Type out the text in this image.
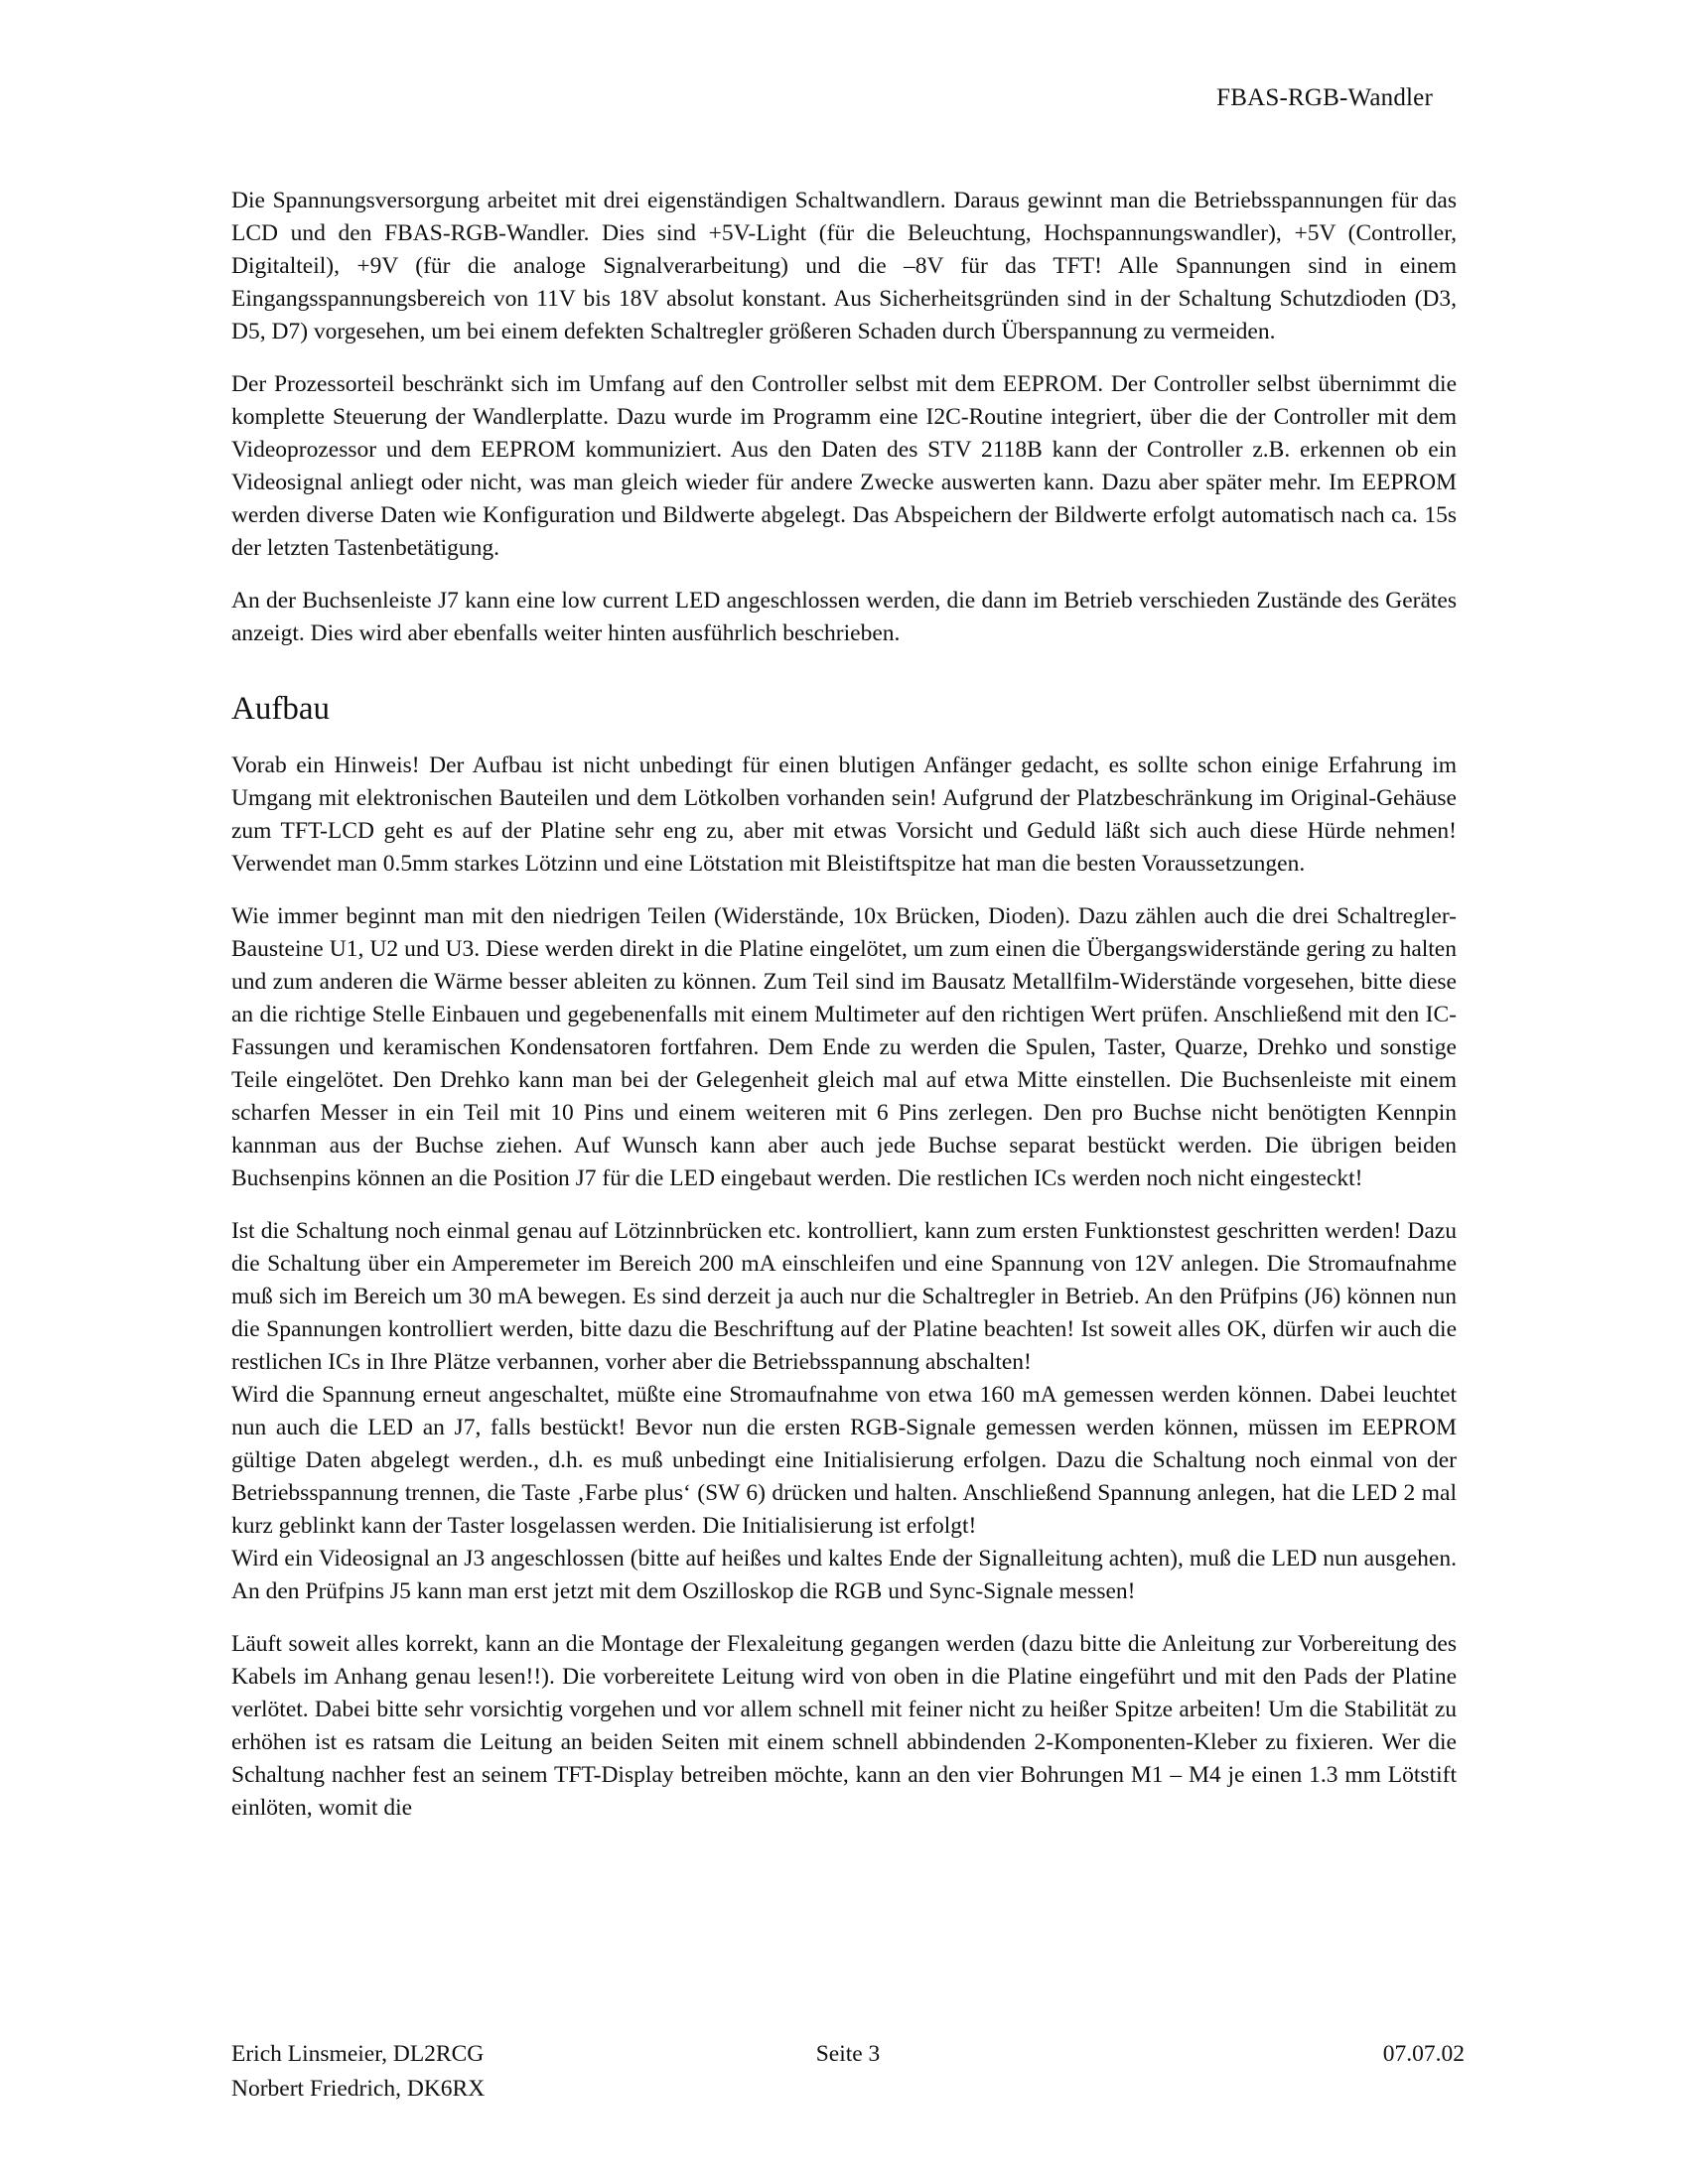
FBAS-RGB-Wandler

Die Spannungsversorgung arbeitet mit drei eigenständigen Schaltwandlern. Daraus gewinnt man die Betriebsspannungen für das LCD und den FBAS-RGB-Wandler. Dies sind +5V-Light (für die Beleuchtung, Hochspannungswandler), +5V (Controller, Digitalteil), +9V (für die analoge Signalverarbeitung) und die –8V für das TFT! Alle Spannungen sind in einem Eingangsspannungsbereich von 11V bis 18V absolut konstant. Aus Sicherheitsgründen sind in der Schaltung Schutzdioden (D3, D5, D7) vorgesehen, um bei einem defekten Schaltregler größeren Schaden durch Überspannung zu vermeiden.

Der Prozessorteil beschränkt sich im Umfang auf den Controller selbst mit dem EEPROM. Der Controller selbst übernimmt die komplette Steuerung der Wandlerplatte. Dazu wurde im Programm eine I2C-Routine integriert, über die der Controller mit dem Videoprozessor und dem EEPROM kommuniziert. Aus den Daten des STV 2118B kann der Controller z.B. erkennen ob ein Videosignal anliegt oder nicht, was man gleich wieder für andere Zwecke auswerten kann. Dazu aber später mehr. Im EEPROM werden diverse Daten wie Konfiguration und Bildwerte abgelegt. Das Abspeichern der Bildwerte erfolgt automatisch nach ca. 15s der letzten Tastenbetätigung.

An der Buchsenleiste J7 kann eine low current LED angeschlossen werden, die dann im Betrieb verschieden Zustände des Gerätes anzeigt. Dies wird aber ebenfalls weiter hinten ausführlich beschrieben.

Aufbau

Vorab ein Hinweis! Der Aufbau ist nicht unbedingt für einen blutigen Anfänger gedacht, es sollte schon einige Erfahrung im Umgang mit elektronischen Bauteilen und dem Lötkolben vorhanden sein! Aufgrund der Platzbeschränkung im Original-Gehäuse zum TFT-LCD geht es auf der Platine sehr eng zu, aber mit etwas Vorsicht und Geduld läßt sich auch diese Hürde nehmen! Verwendet man 0.5mm starkes Lötzinn und eine Lötstation mit Bleistiftspitze hat man die besten Voraussetzungen.

Wie immer beginnt man mit den niedrigen Teilen (Widerstände, 10x Brücken, Dioden). Dazu zählen auch die drei Schaltregler-Bausteine U1, U2 und U3. Diese werden direkt in die Platine eingelötet, um zum einen die Übergangswiderstände gering zu halten und zum anderen die Wärme besser ableiten zu können. Zum Teil sind im Bausatz Metallfilm-Widerstände vorgesehen, bitte diese an die richtige Stelle Einbauen und gegebenenfalls mit einem Multimeter auf den richtigen Wert prüfen. Anschließend mit den IC-Fassungen und keramischen Kondensatoren fortfahren. Dem Ende zu werden die Spulen, Taster, Quarze, Drehko und sonstige Teile eingelötet. Den Drehko kann man bei der Gelegenheit gleich mal auf etwa Mitte einstellen. Die Buchsenleiste mit einem scharfen Messer in ein Teil mit 10 Pins und einem weiteren mit 6 Pins zerlegen. Den pro Buchse nicht benötigten Kennpin kannman aus der Buchse ziehen. Auf Wunsch kann aber auch jede Buchse separat bestückt werden. Die übrigen beiden Buchsenpins können an die Position J7 für die LED eingebaut werden. Die restlichen ICs werden noch nicht eingesteckt!

Ist die Schaltung noch einmal genau auf Lötzinnbrücken etc. kontrolliert, kann zum ersten Funktionstest geschritten werden! Dazu die Schaltung über ein Amperemeter im Bereich 200 mA einschleifen und eine Spannung von 12V anlegen. Die Stromaufnahme muß sich im Bereich um 30 mA bewegen. Es sind derzeit ja auch nur die Schaltregler in Betrieb. An den Prüfpins (J6) können nun die Spannungen kontrolliert werden, bitte dazu die Beschriftung auf der Platine beachten! Ist soweit alles OK, dürfen wir auch die restlichen ICs in Ihre Plätze verbannen, vorher aber die Betriebsspannung abschalten!

Wird die Spannung erneut angeschaltet, müßte eine Stromaufnahme von etwa 160 mA gemessen werden können. Dabei leuchtet nun auch die LED an J7, falls bestückt! Bevor nun die ersten RGB-Signale gemessen werden können, müssen im EEPROM gültige Daten abgelegt werden., d.h. es muß unbedingt eine Initialisierung erfolgen. Dazu die Schaltung noch einmal von der Betriebsspannung trennen, die Taste ‚Farbe plus‘ (SW 6) drücken und halten. Anschließend Spannung anlegen, hat die LED 2 mal kurz geblinkt kann der Taster losgelassen werden. Die Initialisierung ist erfolgt!

Wird ein Videosignal an J3 angeschlossen (bitte auf heißes und kaltes Ende der Signalleitung achten), muß die LED nun ausgehen. An den Prüfpins J5 kann man erst jetzt mit dem Oszilloskop die RGB und Sync-Signale messen!

Läuft soweit alles korrekt, kann an die Montage der Flexaleitung gegangen werden (dazu bitte die Anleitung zur Vorbereitung des Kabels im Anhang genau lesen!!). Die vorbereitete Leitung wird von oben in die Platine eingeführt und mit den Pads der Platine verlötet. Dabei bitte sehr vorsichtig vorgehen und vor allem schnell mit feiner nicht zu heißer Spitze arbeiten! Um die Stabilität zu erhöhen ist es ratsam die Leitung an beiden Seiten mit einem schnell abbindenden 2-Komponenten-Kleber zu fixieren. Wer die Schaltung nachher fest an seinem TFT-Display betreiben möchte, kann an den vier Bohrungen M1 – M4 je einen 1.3 mm Lötstift einlöten, womit die

Erich Linsmeier, DL2RCG
Norbert Friedrich, DK6RX
Seite 3	07.07.02
